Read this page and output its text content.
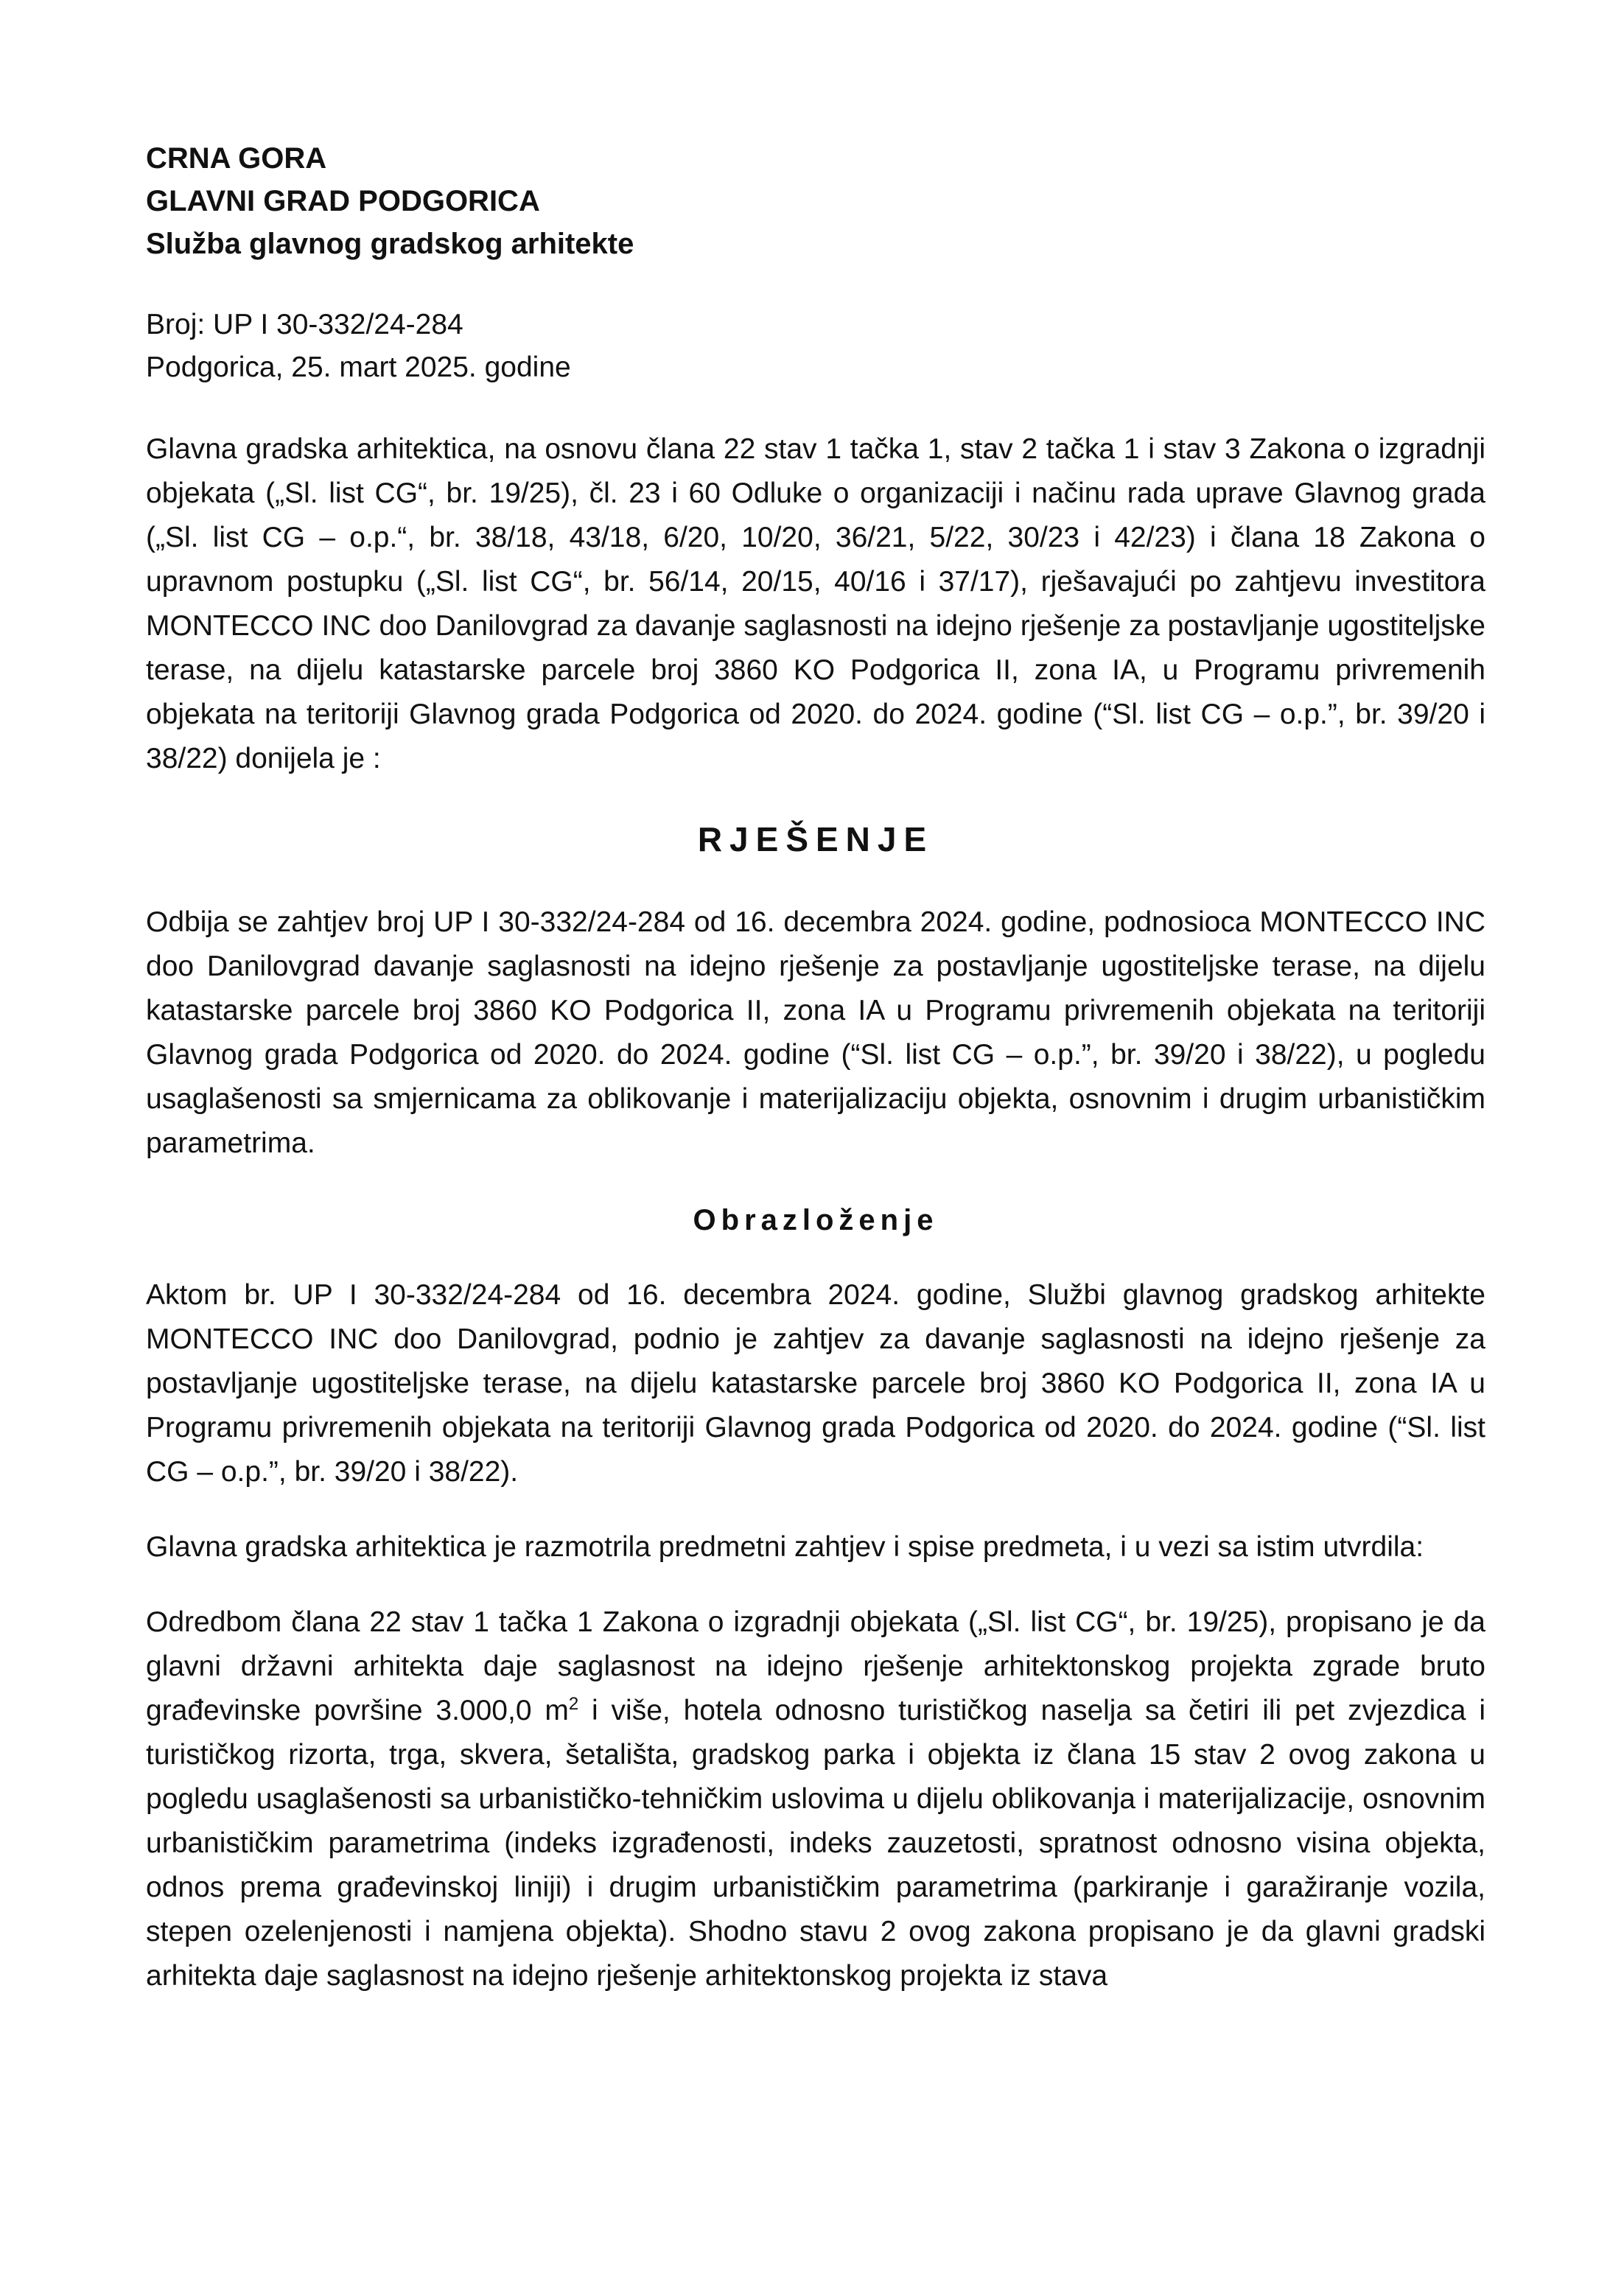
CRNA GORA
GLAVNI GRAD PODGORICA
Služba glavnog gradskog arhitekte
Broj: UP I 30-332/24-284
Podgorica, 25. mart 2025. godine

Glavna gradska arhitektica, na osnovu člana 22 stav 1 tačka 1, stav 2 tačka 1 i stav 3 Zakona o izgradnji objekata („Sl. list CG“, br. 19/25), čl. 23 i 60 Odluke o organizaciji i načinu rada uprave Glavnog grada („Sl. list CG – o.p.“, br. 38/18, 43/18, 6/20, 10/20, 36/21, 5/22, 30/23 i 42/23) i člana 18 Zakona o upravnom postupku („Sl. list CG“, br. 56/14, 20/15, 40/16 i 37/17), rješavajući po zahtjevu investitora MONTECCO INC doo Danilovgrad za davanje saglasnosti na idejno rješenje za postavljanje ugostiteljske terase, na dijelu katastarske parcele broj 3860 KO Podgorica II, zona IA, u Programu privremenih objekata na teritoriji Glavnog grada Podgorica od 2020. do 2024. godine (“Sl. list CG – o.p.”, br. 39/20 i 38/22) donijela je :

RJEŠENJE

Odbija se zahtjev broj UP I 30-332/24-284 od 16. decembra 2024. godine, podnosioca MONTECCO INC doo Danilovgrad davanje saglasnosti na idejno rješenje za postavljanje ugostiteljske terase, na dijelu katastarske parcele broj 3860 KO Podgorica II, zona IA u Programu privremenih objekata na teritoriji Glavnog grada Podgorica od 2020. do 2024. godine (“Sl. list CG – o.p.”, br. 39/20 i 38/22), u pogledu usaglašenosti sa smjernicama za oblikovanje i materijalizaciju objekta, osnovnim i drugim urbanističkim parametrima.

Obrazloženje

Aktom br. UP I 30-332/24-284 od 16. decembra 2024. godine, Službi glavnog gradskog arhitekte MONTECCO INC doo Danilovgrad, podnio je zahtjev za davanje saglasnosti na idejno rješenje za postavljanje ugostiteljske terase, na dijelu katastarske parcele broj 3860 KO Podgorica II, zona IA u Programu privremenih objekata na teritoriji Glavnog grada Podgorica od 2020. do 2024. godine (“Sl. list CG – o.p.”, br. 39/20 i 38/22).

Glavna gradska arhitektica je razmotrila predmetni zahtjev i spise predmeta, i u vezi sa istim utvrdila:

Odredbom člana 22 stav 1 tačka 1 Zakona o izgradnji objekata („Sl. list CG“, br. 19/25), propisano je da glavni državni arhitekta daje saglasnost na idejno rješenje arhitektonskog projekta zgrade bruto građevinske površine 3.000,0 $m^2$ i više, hotela odnosno turističkog naselja sa četiri ili pet zvjezdica i turističkog rizorta, trga, skvera, šetališta, gradskog parka i objekta iz člana 15 stav 2 ovog zakona u pogledu usaglašenosti sa urbanističko-tehničkim uslovima u dijelu oblikovanja i materijalizacije, osnovnim urbanističkim parametrima (indeks izgrađenosti, indeks zauzetosti, spratnost odnosno visina objekta, odnos prema građevinskoj liniji) i drugim urbanističkim parametrima (parkiranje i garažiranje vozila, stepen ozelenjenosti i namjena objekta). Shodno stavu 2 ovog zakona propisano je da glavni gradski arhitekta daje saglasnost na idejno rješenje arhitektonskog projekta iz stava
